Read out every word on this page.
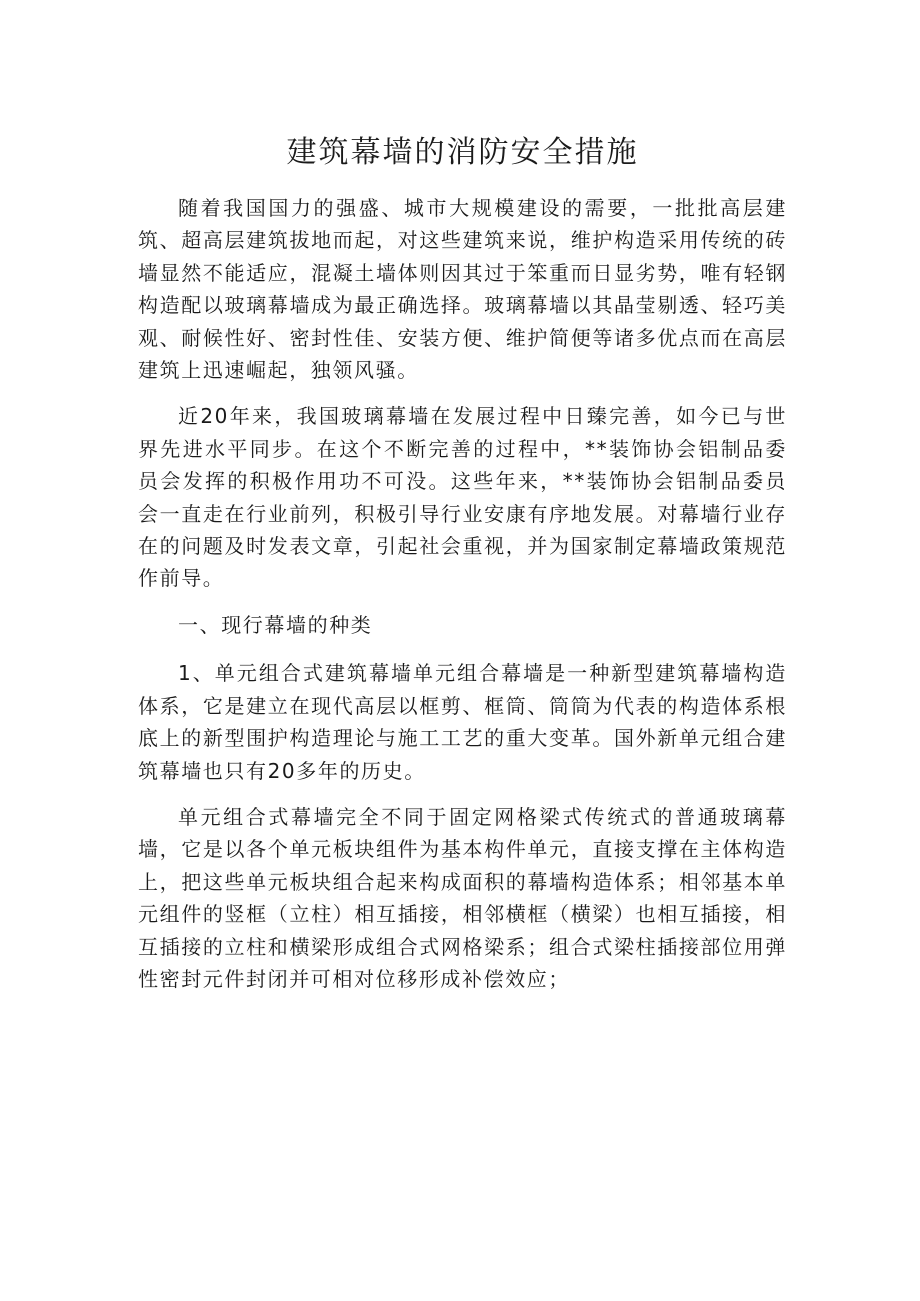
建筑幕墙的消防安全措施

随着我国国力的强盛、城市大规模建设的需要，一批批高层建筑、超高层建筑拔地而起，对这些建筑来说，维护构造采用传统的砖墙显然不能适应，混凝土墙体则因其过于笨重而日显劣势，唯有轻钢构造配以玻璃幕墙成为最正确选择。玻璃幕墙以其晶莹剔透、轻巧美观、耐候性好、密封性佳、安装方便、维护简便等诸多优点而在高层建筑上迅速崛起，独领风骚。

近20年来，我国玻璃幕墙在发展过程中日臻完善，如今已与世界先进水平同步。在这个不断完善的过程中，**装饰协会铝制品委员会发挥的积极作用功不可没。这些年来，**装饰协会铝制品委员会一直走在行业前列，积极引导行业安康有序地发展。对幕墙行业存在的问题及时发表文章，引起社会重视，并为国家制定幕墙政策规范作前导。

一、现行幕墙的种类

1、单元组合式建筑幕墙单元组合幕墙是一种新型建筑幕墙构造体系，它是建立在现代高层以框剪、框筒、筒筒为代表的构造体系根底上的新型围护构造理论与施工工艺的重大变革。国外新单元组合建筑幕墙也只有20多年的历史。

单元组合式幕墙完全不同于固定网格梁式传统式的普通玻璃幕墙，它是以各个单元板块组件为基本构件单元，直接支撑在主体构造上，把这些单元板块组合起来构成面积的幕墙构造体系；相邻基本单元组件的竖框（立柱）相互插接，相邻横框（横梁）也相互插接，相互插接的立柱和横梁形成组合式网格梁系；组合式梁柱插接部位用弹性密封元件封闭并可相对位移形成补偿效应；
